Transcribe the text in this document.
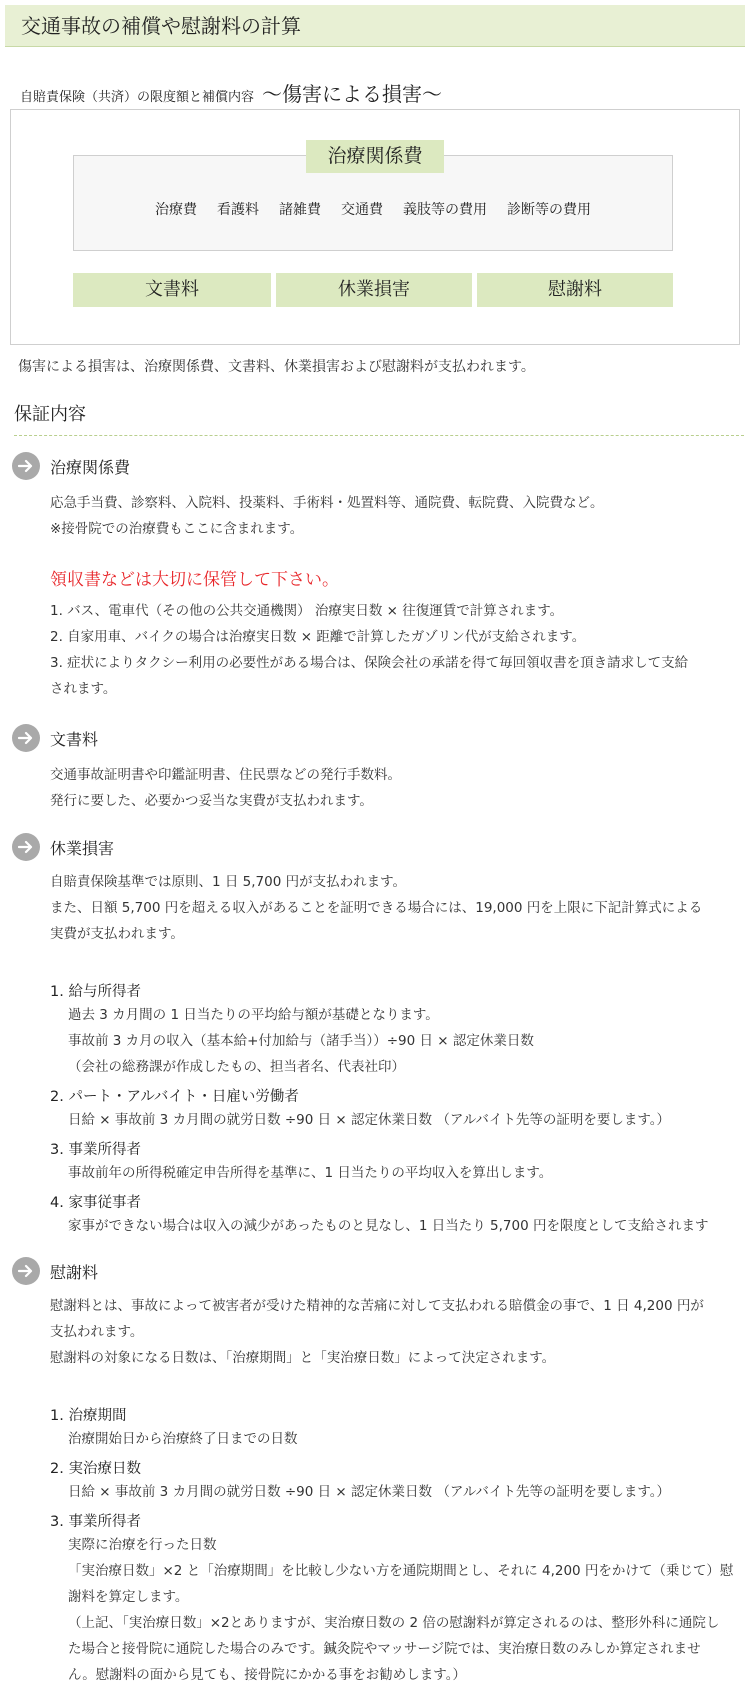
交通事故の補償や慰謝料の計算
自賠責保険（共済）の限度額と補償内容 ～傷害による損害～
治療関係費
治療費 看護料 諸雑費 交通費 義肢等の費用 診断等の費用
文書料	休業損害	慰謝料
傷害による損害は、治療関係費、文書料、休業損害および慰謝料が支払われます。
保証内容
治療関係費
応急手当費、診察料、入院料、投薬料、手術料・処置料等、通院費、転院費、入院費など。
※接骨院での治療費もここに含まれます。
領収書などは大切に保管して下さい。
1. バス、電車代（その他の公共交通機関） 治療実日数 × 往復運賃で計算されます。
2. 自家用車、バイクの場合は治療実日数 × 距離で計算したガゾリン代が支給されます。
3. 症状によりタクシー利用の必要性がある場合は、保険会社の承諾を得て毎回領収書を頂き請求して支給
されます。
文書料
交通事故証明書や印鑑証明書、住民票などの発行手数料。
発行に要した、必要かつ妥当な実費が支払われます。
休業損害
自賠責保険基準では原則、1 日 5,700 円が支払われます。
また、日額 5,700 円を超える収入があることを証明できる場合には、19,000 円を上限に下記計算式による
実費が支払われます。
1. 給与所得者
過去 3 カ月間の 1 日当たりの平均給与額が基礎となります。
事故前 3 カ月の収入（基本給+付加給与（諸手当））÷90 日 × 認定休業日数
（会社の総務課が作成したもの、担当者名、代表社印）
2. パート・アルバイト・日雇い労働者
日給 × 事故前 3 カ月間の就労日数 ÷90 日 × 認定休業日数 （アルバイト先等の証明を要します。）
3. 事業所得者
事故前年の所得税確定申告所得を基準に、1 日当たりの平均収入を算出します。
4. 家事従事者
家事ができない場合は収入の減少があったものと見なし、1 日当たり 5,700 円を限度として支給されます
慰謝料
慰謝料とは、事故によって被害者が受けた精神的な苦痛に対して支払われる賠償金の事で、1 日 4,200 円が
支払われます。
慰謝料の対象になる日数は、「治療期間」と「実治療日数」によって決定されます。
1. 治療期間
治療開始日から治療終了日までの日数
2. 実治療日数
日給 × 事故前 3 カ月間の就労日数 ÷90 日 × 認定休業日数 （アルバイト先等の証明を要します。）
3. 事業所得者
実際に治療を行った日数
「実治療日数」×2 と「治療期間」を比較し少ない方を通院期間とし、それに 4,200 円をかけて（乗じて）慰
謝料を算定します。
（上記、「実治療日数」×2とありますが、実治療日数の 2 倍の慰謝料が算定されるのは、整形外科に通院し
た場合と接骨院に通院した場合のみです。鍼灸院やマッサージ院では、実治療日数のみしか算定されませ
ん。慰謝料の面から見ても、接骨院にかかる事をお勧めします。）
